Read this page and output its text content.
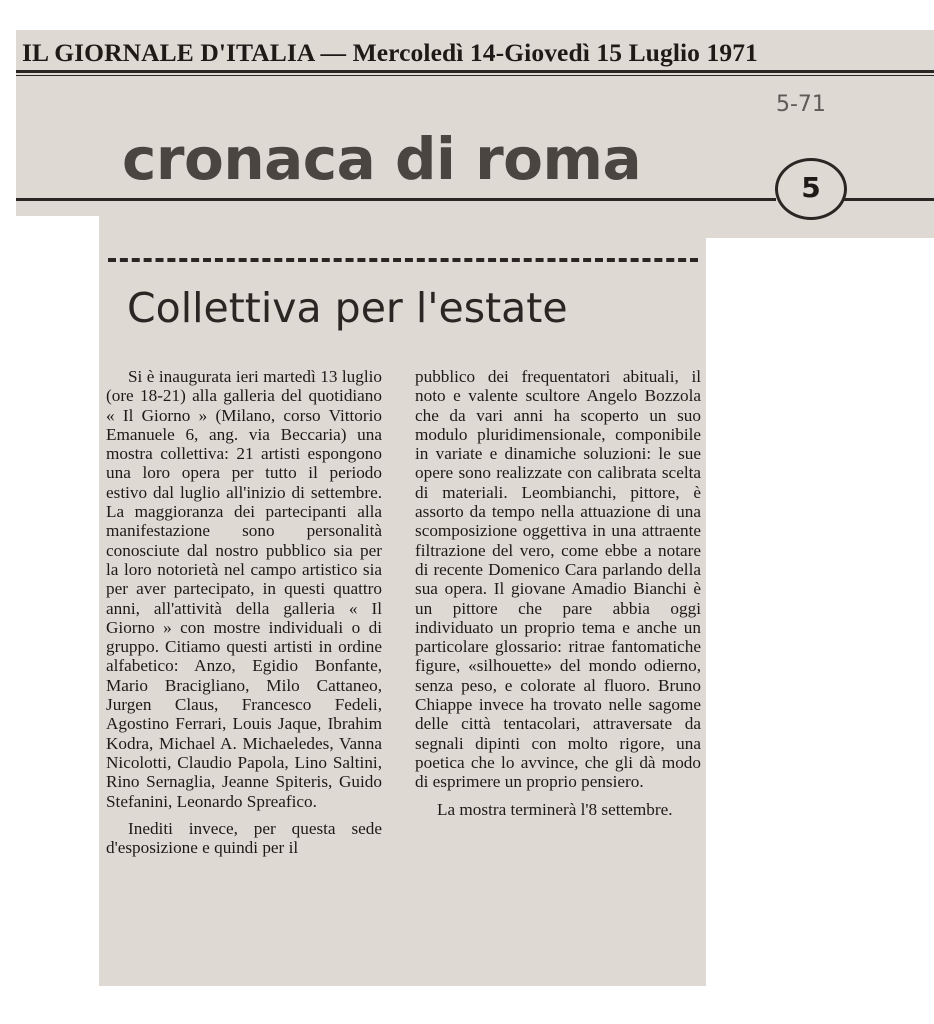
IL GIORNALE D'ITALIA — Mercoledì 14-Giovedì 15 Luglio 1971
5-71
cronaca di roma	5
Collettiva per l'estate

Si è inaugurata ieri martedì 13 luglio (ore 18-21) alla galleria del quotidiano « Il Giorno » (Milano, corso Vittorio Emanuele 6, ang. via Beccaria) una mostra collettiva: 21 artisti espongono una loro opera per tutto il periodo estivo dal luglio all'inizio di settembre. La maggioranza dei partecipanti alla manifestazione sono personalità conosciute dal nostro pubblico sia per la loro notorietà nel campo artistico sia per aver partecipato, in questi quattro anni, all'attività della galleria « Il Giorno » con mostre individuali o di gruppo. Citiamo questi artisti in ordine alfabetico: Anzo, Egidio Bonfante, Mario Bracigliano, Milo Cattaneo, Jurgen Claus, Francesco Fedeli, Agostino Ferrari, Louis Jaque, Ibrahim Kodra, Michael A. Michaeledes, Vanna Nicolotti, Claudio Papola, Lino Saltini, Rino Sernaglia, Jeanne Spiteris, Guido Stefanini, Leonardo Spreafico.

Inediti invece, per questa sede d'esposizione e quindi per il

pubblico dei frequentatori abituali, il noto e valente scultore Angelo Bozzola che da vari anni ha scoperto un suo modulo pluridimensionale, componibile in variate e dinamiche soluzioni: le sue opere sono realizzate con calibrata scelta di materiali. Leombianchi, pittore, è assorto da tempo nella attuazione di una scomposizione oggettiva in una attraente filtrazione del vero, come ebbe a notare di recente Domenico Cara parlando della sua opera. Il giovane Amadio Bianchi è un pittore che pare abbia oggi individuato un proprio tema e anche un particolare glossario: ritrae fantomatiche figure, «silhouette» del mondo odierno, senza peso, e colorate al fluoro. Bruno Chiappe invece ha trovato nelle sagome delle città tentacolari, attraversate da segnali dipinti con molto rigore, una poetica che lo avvince, che gli dà modo di esprimere un proprio pensiero.

La mostra terminerà l'8 settembre.
